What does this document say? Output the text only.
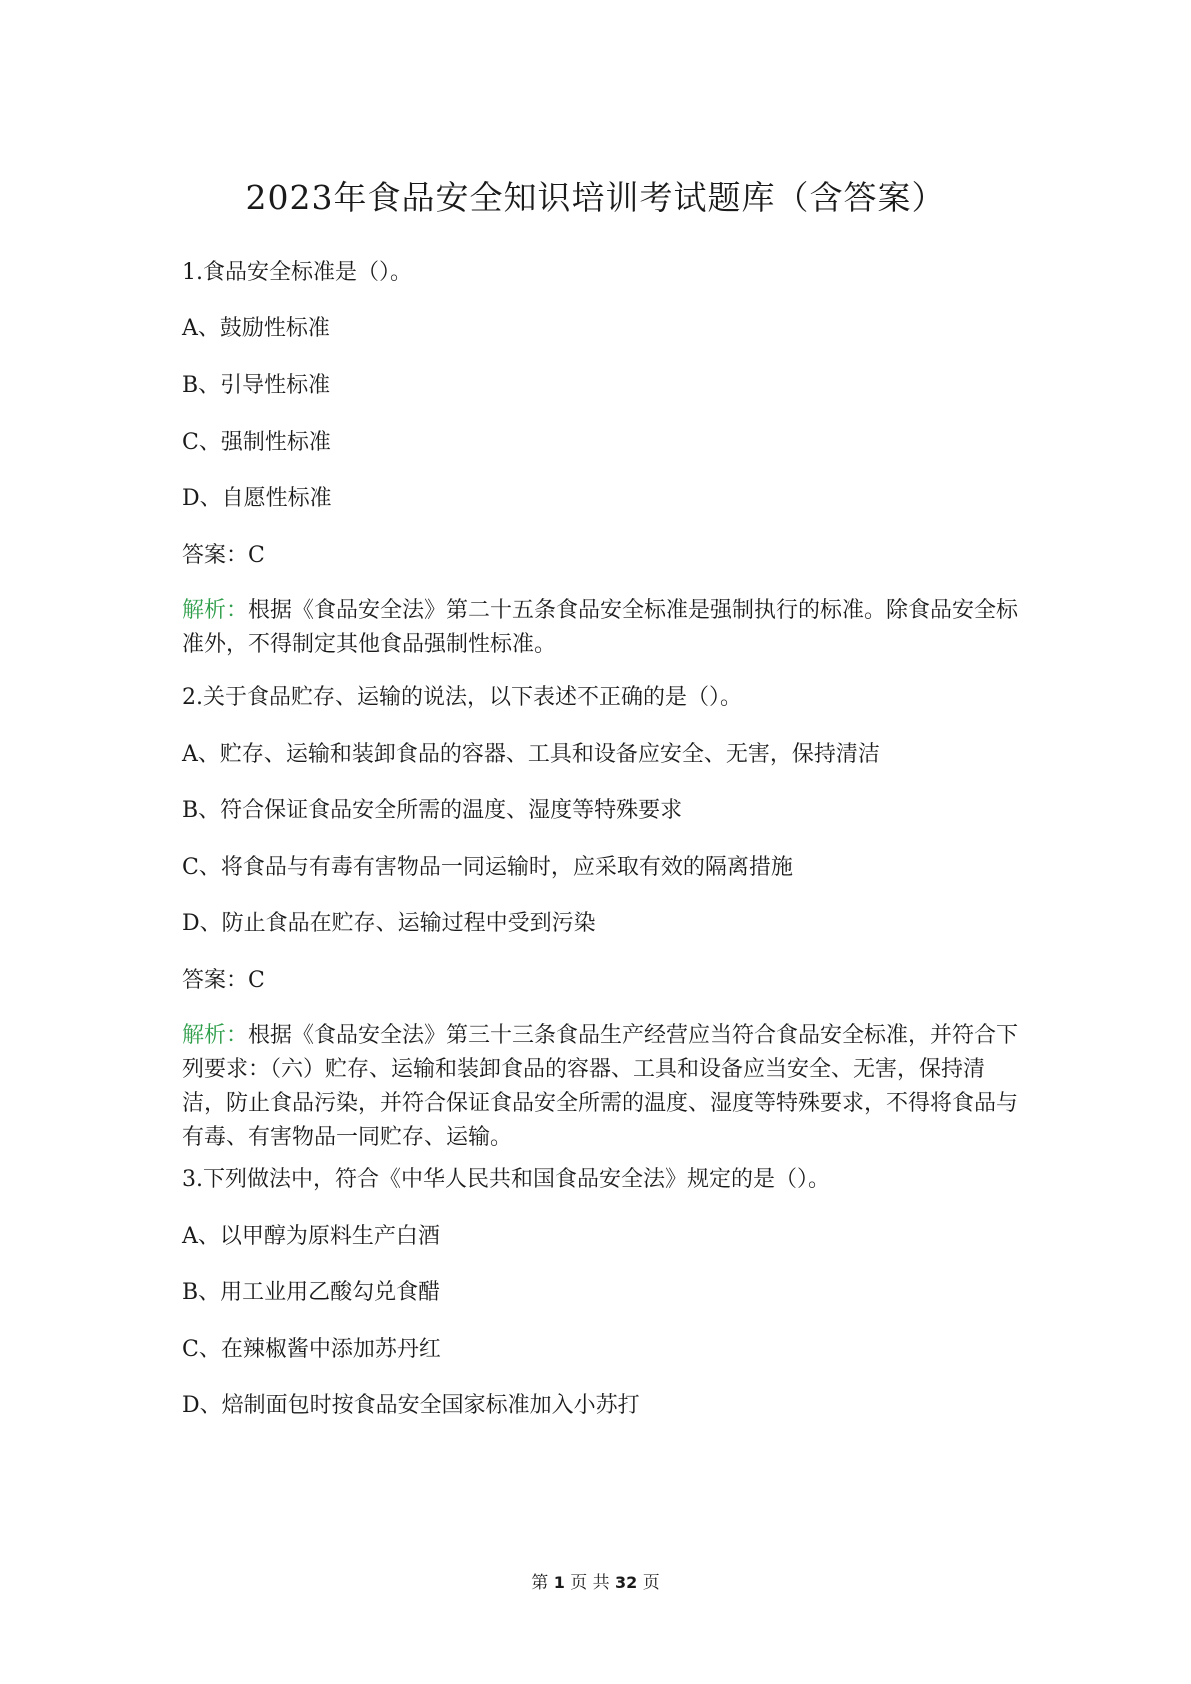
2023年食品安全知识培训考试题库（含答案）
1.食品安全标准是（）。
A、鼓励性标准
B、引导性标准
C、强制性标准
D、自愿性标准
答案：C
解析：根据《食品安全法》第二十五条食品安全标准是强制执行的标准。除食品安全标准外，不得制定其他食品强制性标准。
2.关于食品贮存、运输的说法，以下表述不正确的是（）。
A、贮存、运输和装卸食品的容器、工具和设备应安全、无害，保持清洁
B、符合保证食品安全所需的温度、湿度等特殊要求
C、将食品与有毒有害物品一同运输时，应采取有效的隔离措施
D、防止食品在贮存、运输过程中受到污染
答案：C
解析：根据《食品安全法》第三十三条食品生产经营应当符合食品安全标准，并符合下列要求：（六）贮存、运输和装卸食品的容器、工具和设备应当安全、无害，保持清洁，防止食品污染，并符合保证食品安全所需的温度、湿度等特殊要求，不得将食品与有毒、有害物品一同贮存、运输。
3.下列做法中，符合《中华人民共和国食品安全法》规定的是（）。
A、以甲醇为原料生产白酒
B、用工业用乙酸勾兑食醋
C、在辣椒酱中添加苏丹红
D、焙制面包时按食品安全国家标准加入小苏打
第 1 页 共 32 页
